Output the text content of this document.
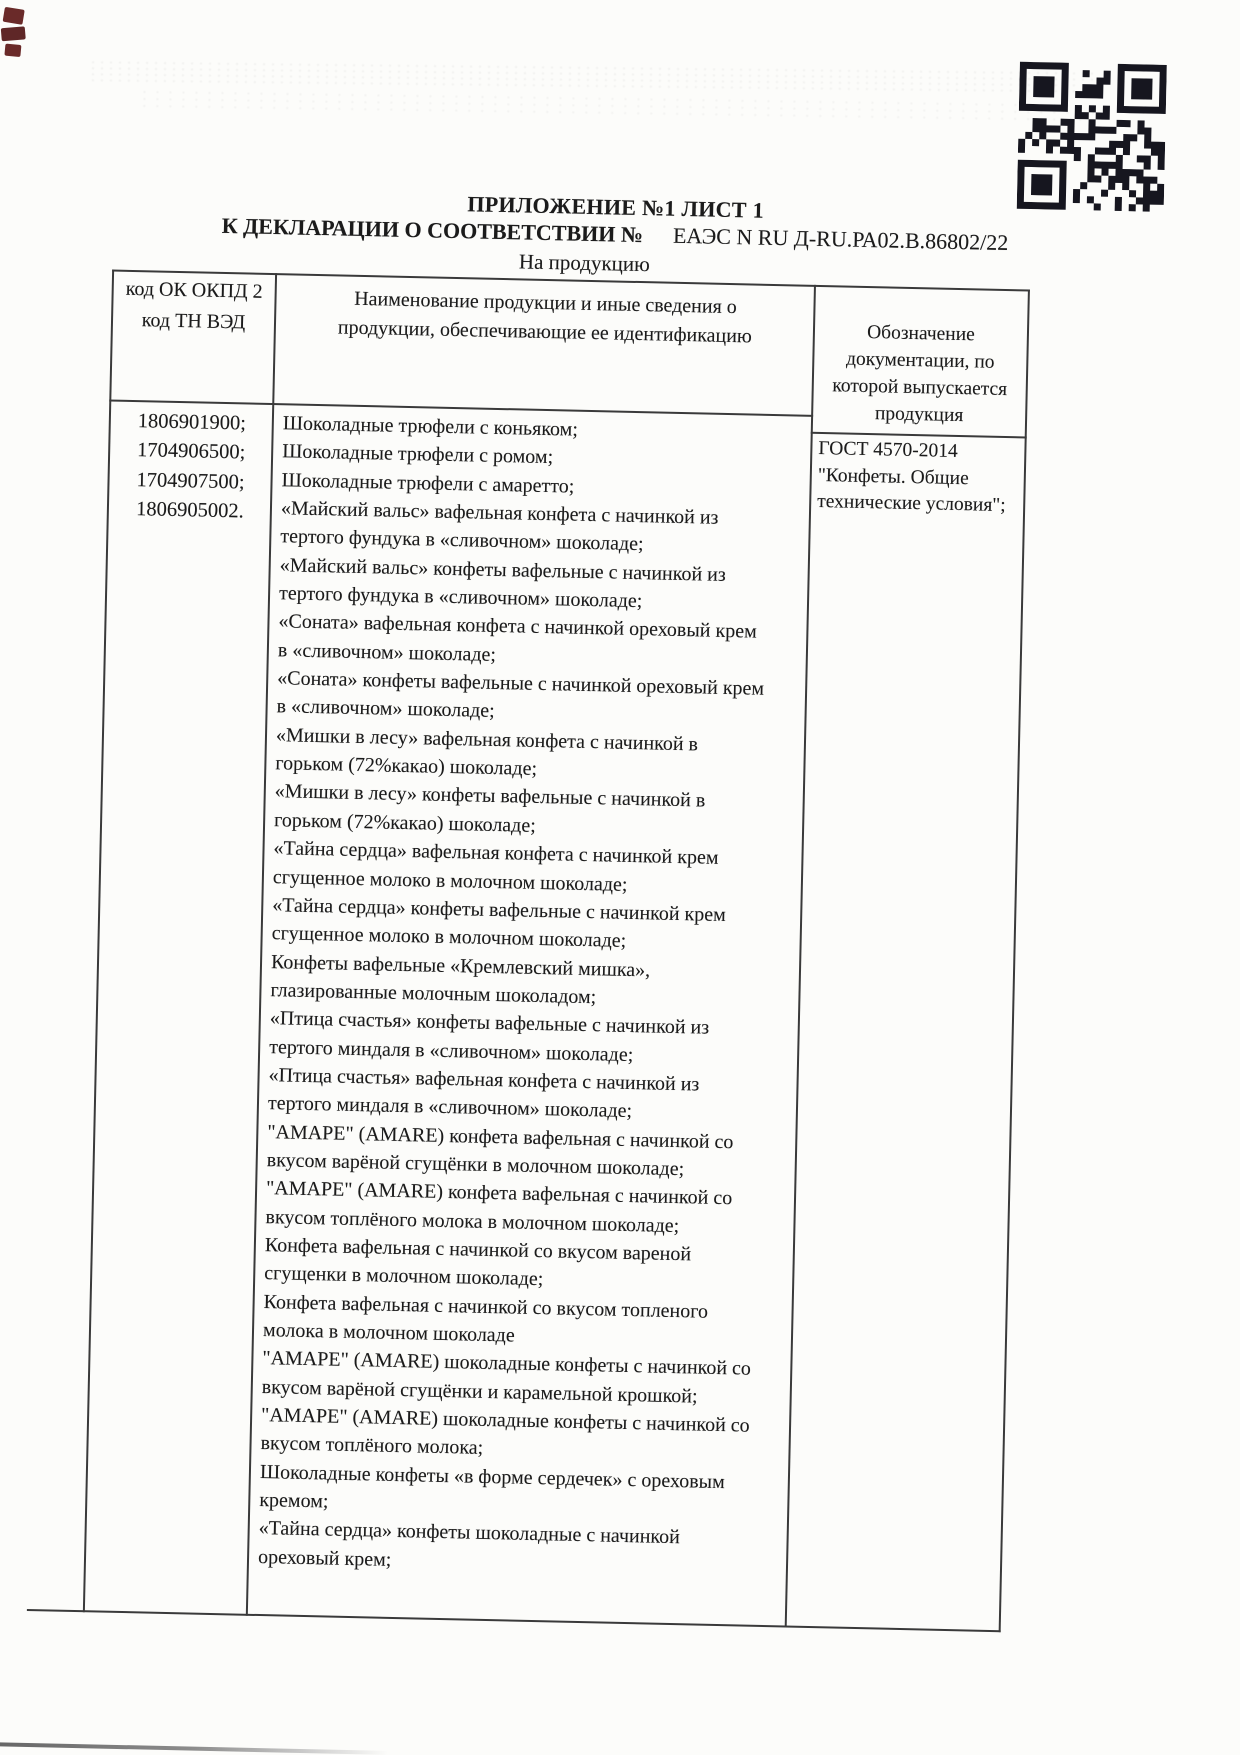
ПРИЛОЖЕНИЕ №1 ЛИСТ 1
К ДЕКЛАРАЦИИ О СООТВЕТСТВИИ № ЕАЭС N RU Д-RU.РА02.В.86802/22
На продукцию
код ОК ОКПД 2
код ТН ВЭД
Наименование продукции и иные сведения о продукции, обеспечивающие ее идентификацию	Обозначение документации, по которой выпускается продукция
1806901900;
1704906500;
1704907500;
1806905002.
Шоколадные трюфели с коньяком;
Шоколадные трюфели с ромом;
Шоколадные трюфели с амаретто;
«Майский вальс» вафельная конфета с начинкой из тертого фундука в «сливочном» шоколаде;
«Майский вальс» конфеты вафельные с начинкой из тертого фундука в «сливочном» шоколаде;
«Соната» вафельная конфета с начинкой ореховый крем в «сливочном» шоколаде;
«Соната» конфеты вафельные с начинкой ореховый крем в «сливочном» шоколаде;
«Мишки в лесу» вафельная конфета с начинкой в горьком (72%какао) шоколаде;
«Мишки в лесу» конфеты вафельные с начинкой в горьком (72%какао) шоколаде;
«Тайна сердца» вафельная конфета с начинкой крем сгущенное молоко в молочном шоколаде;
«Тайна сердца» конфеты вафельные с начинкой крем сгущенное молоко в молочном шоколаде;
Конфеты вафельные «Кремлевский мишка», глазированные молочным шоколадом;
«Птица счастья» конфеты вафельные с начинкой из тертого миндаля в «сливочном» шоколаде;
«Птица счастья» вафельная конфета с начинкой из тертого миндаля в «сливочном» шоколаде;
"АМАРЕ" (AMARE) конфета вафельная с начинкой со вкусом варёной сгущёнки в молочном шоколаде;
"АМАРЕ" (AMARE) конфета вафельная с начинкой со вкусом топлёного молока в молочном шоколаде;
Конфета вафельная с начинкой со вкусом вареной сгущенки в молочном шоколаде;
Конфета вафельная с начинкой со вкусом топленого молока в молочном шоколаде
"АМАРЕ" (AMARE) шоколадные конфеты с начинкой со вкусом варёной сгущёнки и карамельной крошкой;
"АМАРЕ" (AMARE) шоколадные конфеты с начинкой со вкусом топлёного молока;
Шоколадные конфеты «в форме сердечек» с ореховым кремом;
«Тайна сердца» конфеты шоколадные с начинкой ореховый крем;
ГОСТ 4570-2014 "Конфеты. Общие технические условия";
